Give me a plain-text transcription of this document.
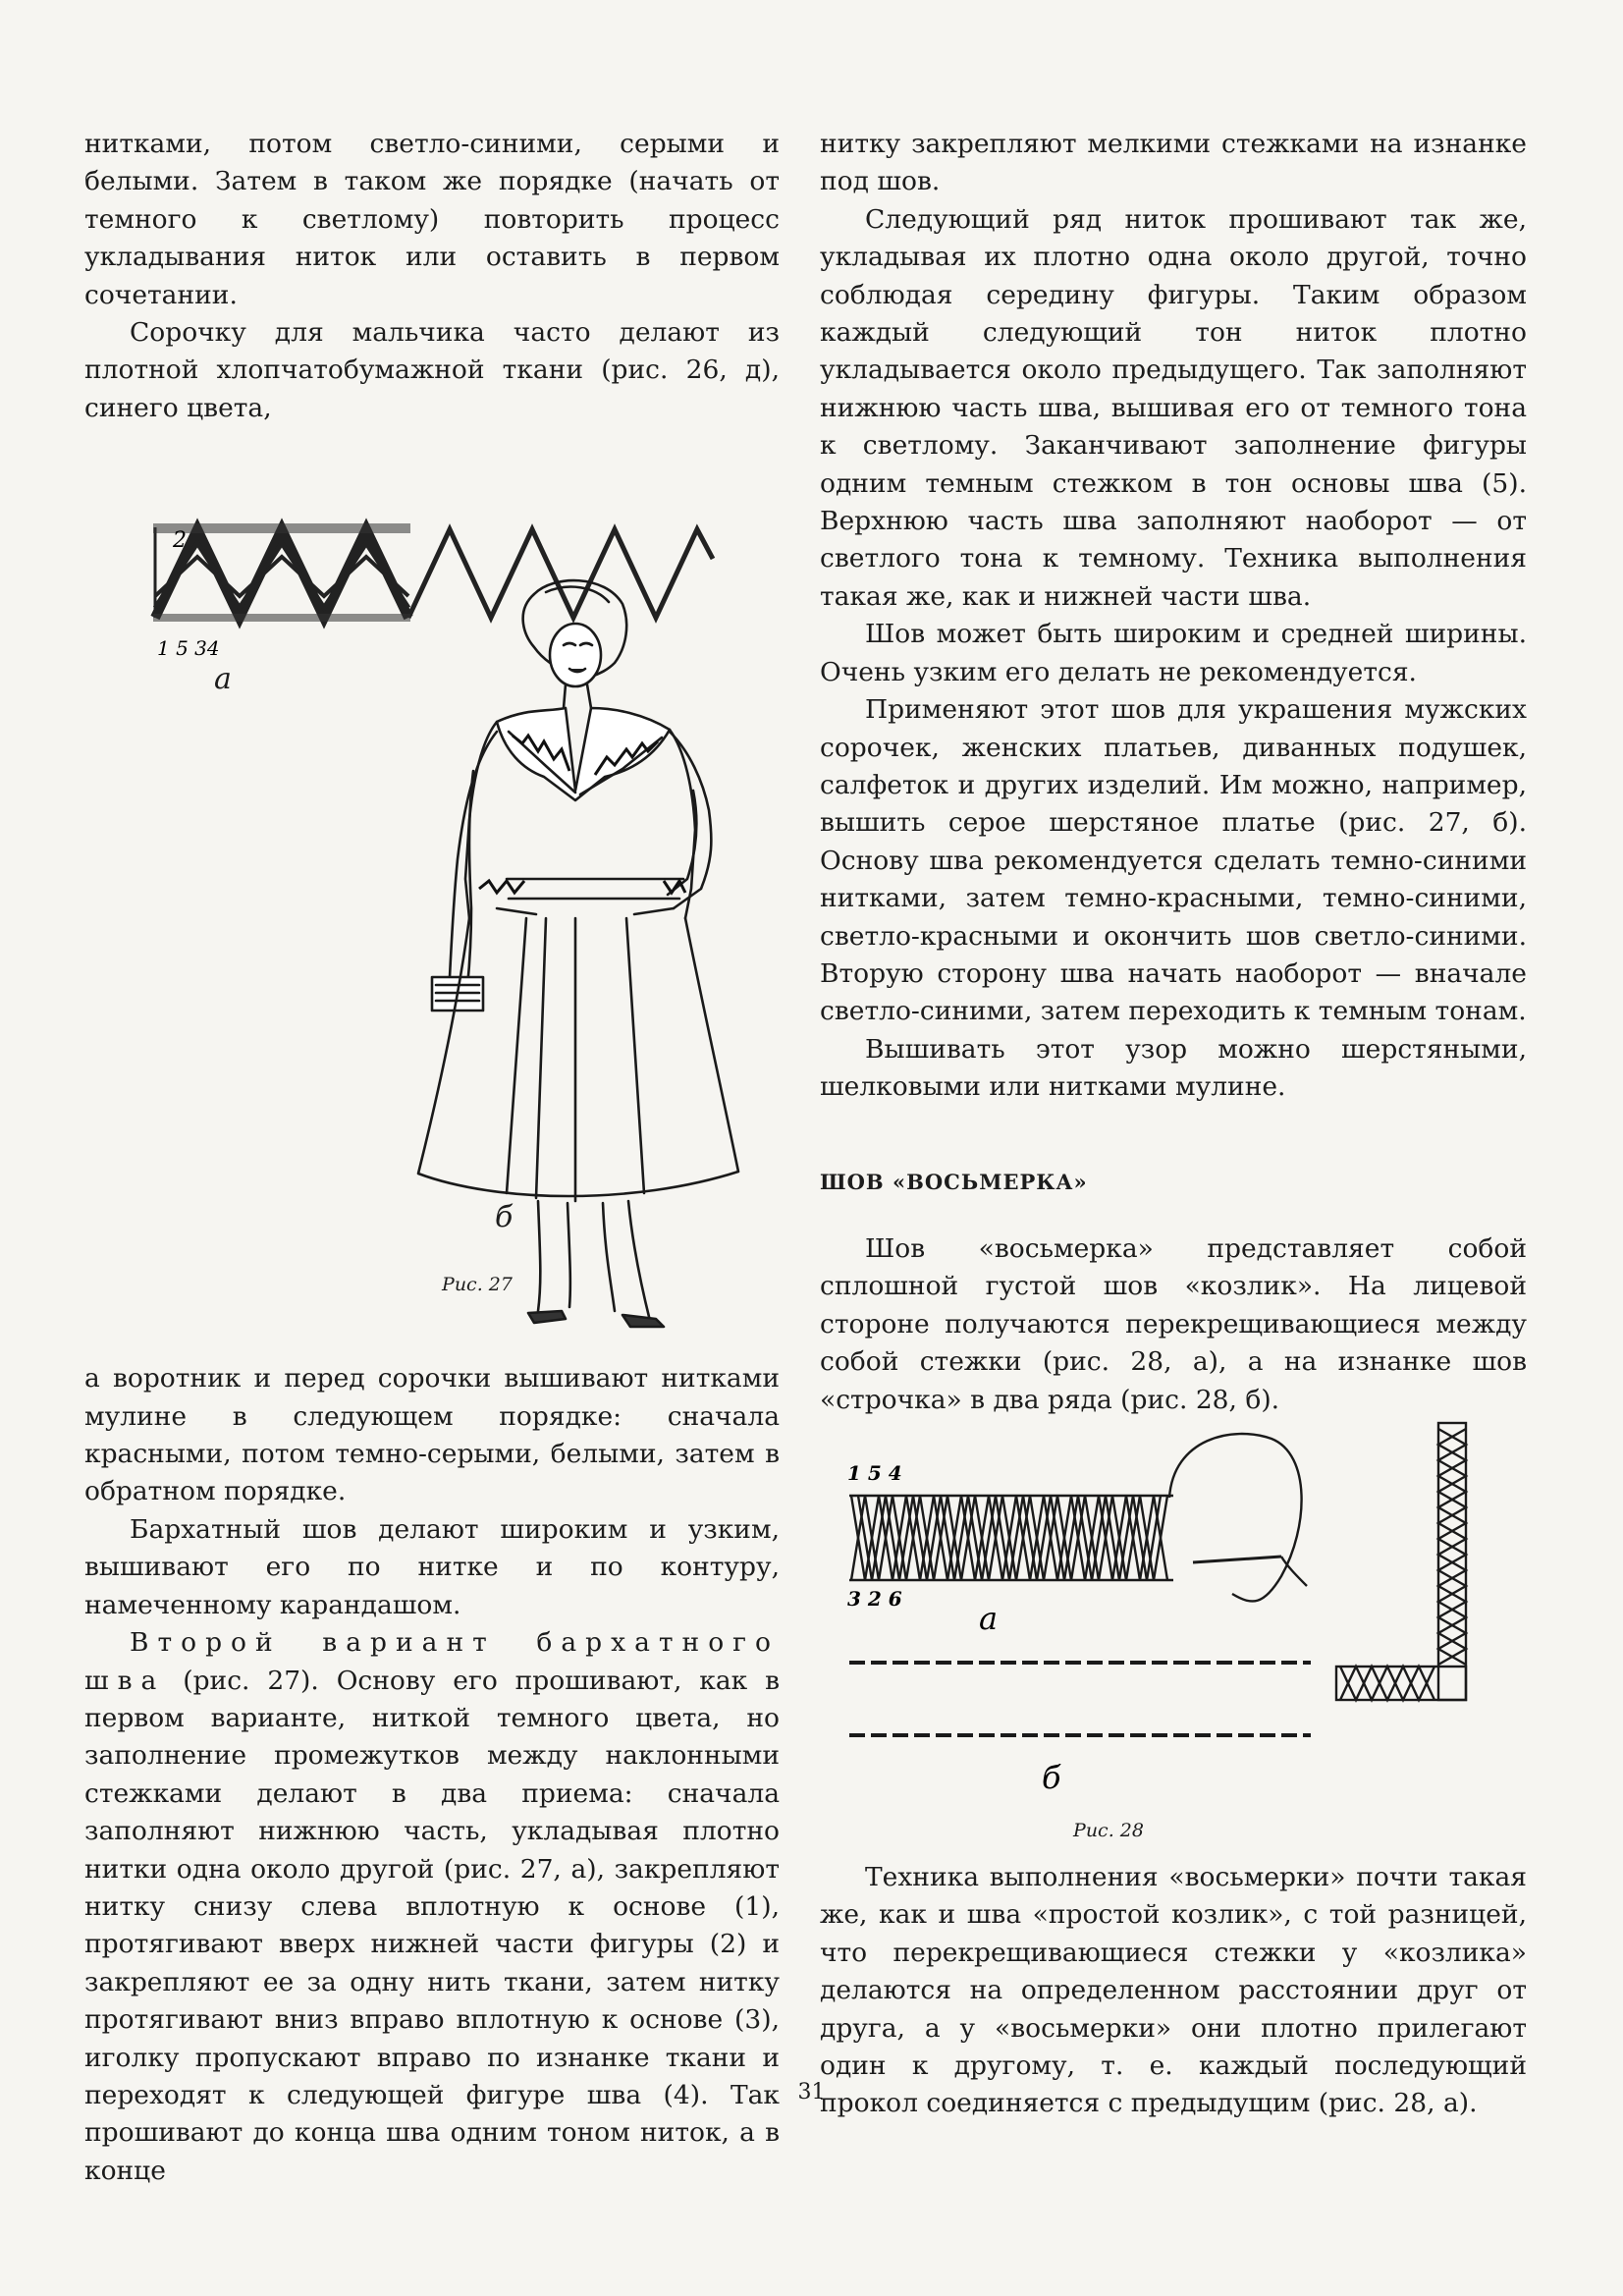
нитками, потом светло-синими, серыми и белыми. Затем в таком же порядке (начать от темного к светлому) повторить процесс укладывания ниток или оставить в первом сочетании.

Сорочку для мальчика часто делают из плотной хлопчатобумажной ткани (рис. 26, д), синего цвета,

2
1 5 34
а
б
Рис. 27

а воротник и перед сорочки вышивают нитками мулине в следующем порядке: сначала красными, потом темно-серыми, белыми, затем в обратном порядке.

Бархатный шов делают широким и узким, вышивают его по нитке и по контуру, намеченному карандашом.

Второй вариант бархатного шва (рис. 27). Основу его прошивают, как в первом варианте, ниткой темного цвета, но заполнение промежутков между наклонными стежками делают в два приема: сначала заполняют нижнюю часть, укладывая плотно нитки одна около другой (рис. 27, а), закрепляют нитку снизу слева вплотную к основе (1), протягивают вверх нижней части фигуры (2) и закрепляют ее за одну нить ткани, затем нитку протягивают вниз вправо вплотную к основе (3), иголку пропускают вправо по изнанке ткани и переходят к следующей фигуре шва (4). Так прошивают до конца шва одним тоном ниток, а в конце

нитку закрепляют мелкими стежками на изнанке под шов.

Следующий ряд ниток прошивают так же, укладывая их плотно одна около другой, точно соблюдая середину фигуры. Таким образом каждый следующий тон ниток плотно укладывается около предыдущего. Так заполняют нижнюю часть шва, вышивая его от темного тона к светлому. Заканчивают заполнение фигуры одним темным стежком в тон основы шва (5). Верхнюю часть шва заполняют наоборот — от светлого тона к темному. Техника выполнения такая же, как и нижней части шва.

Шов может быть широким и средней ширины. Очень узким его делать не рекомендуется.

Применяют этот шов для украшения мужских сорочек, женских платьев, диванных подушек, салфеток и других изделий. Им можно, например, вышить серое шерстяное платье (рис. 27, б). Основу шва рекомендуется сделать темно-синими нитками, затем темно-красными, темно-синими, светло-красными и окончить шов светло-синими. Вторую сторону шва начать наоборот — вначале светло-синими, затем переходить к темным тонам.

Вышивать этот узор можно шерстяными, шелковыми или нитками мулине.

ШОВ «ВОСЬМЕРКА»

Шов «восьмерка» представляет собой сплошной густой шов «козлик». На лицевой стороне получаются перекрещивающиеся между собой стежки (рис. 28, а), а на изнанке шов «строчка» в два ряда (рис. 28, б).

1 5 4
3 2 6
а
б
Рис. 28

Техника выполнения «восьмерки» почти такая же, как и шва «простой козлик», с той разницей, что перекрещивающиеся стежки у «козлика» делаются на определенном расстоянии друг от друга, а у «восьмерки» они плотно прилегают один к другому, т. е. каждый последующий прокол соединяется с предыдущим (рис. 28, а).

31
